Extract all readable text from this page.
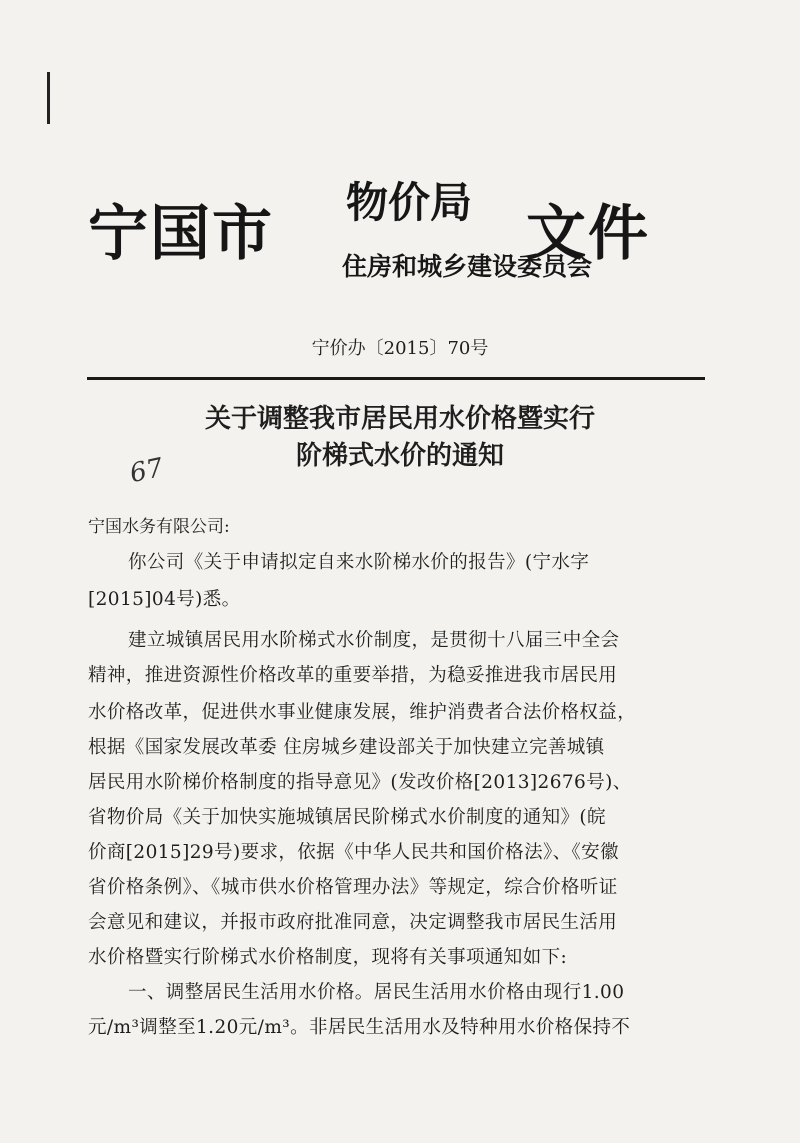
宁国市 物价局
住房和城乡建设委员会
文件
宁价办〔2015〕70号
关于调整我市居民用水价格暨实行
阶梯式水价的通知
67
宁国水务有限公司:
你公司《关于申请拟定自来水阶梯水价的报告》(宁水字
[2015]04号)悉。
建立城镇居民用水阶梯式水价制度，是贯彻十八届三中全会
精神，推进资源性价格改革的重要举措，为稳妥推进我市居民用
水价格改革，促进供水事业健康发展，维护消费者合法价格权益，
根据《国家发展改革委 住房城乡建设部关于加快建立完善城镇
居民用水阶梯价格制度的指导意见》(发改价格[2013]2676号)、
省物价局《关于加快实施城镇居民阶梯式水价制度的通知》(皖
价商[2015]29号)要求，依据《中华人民共和国价格法》、《安徽
省价格条例》、《城市供水价格管理办法》等规定，综合价格听证
会意见和建议，并报市政府批准同意，决定调整我市居民生活用
水价格暨实行阶梯式水价格制度，现将有关事项通知如下:
一、调整居民生活用水价格。居民生活用水价格由现行1.00
元/m³调整至1.20元/m³。非居民生活用水及特种用水价格保持不
